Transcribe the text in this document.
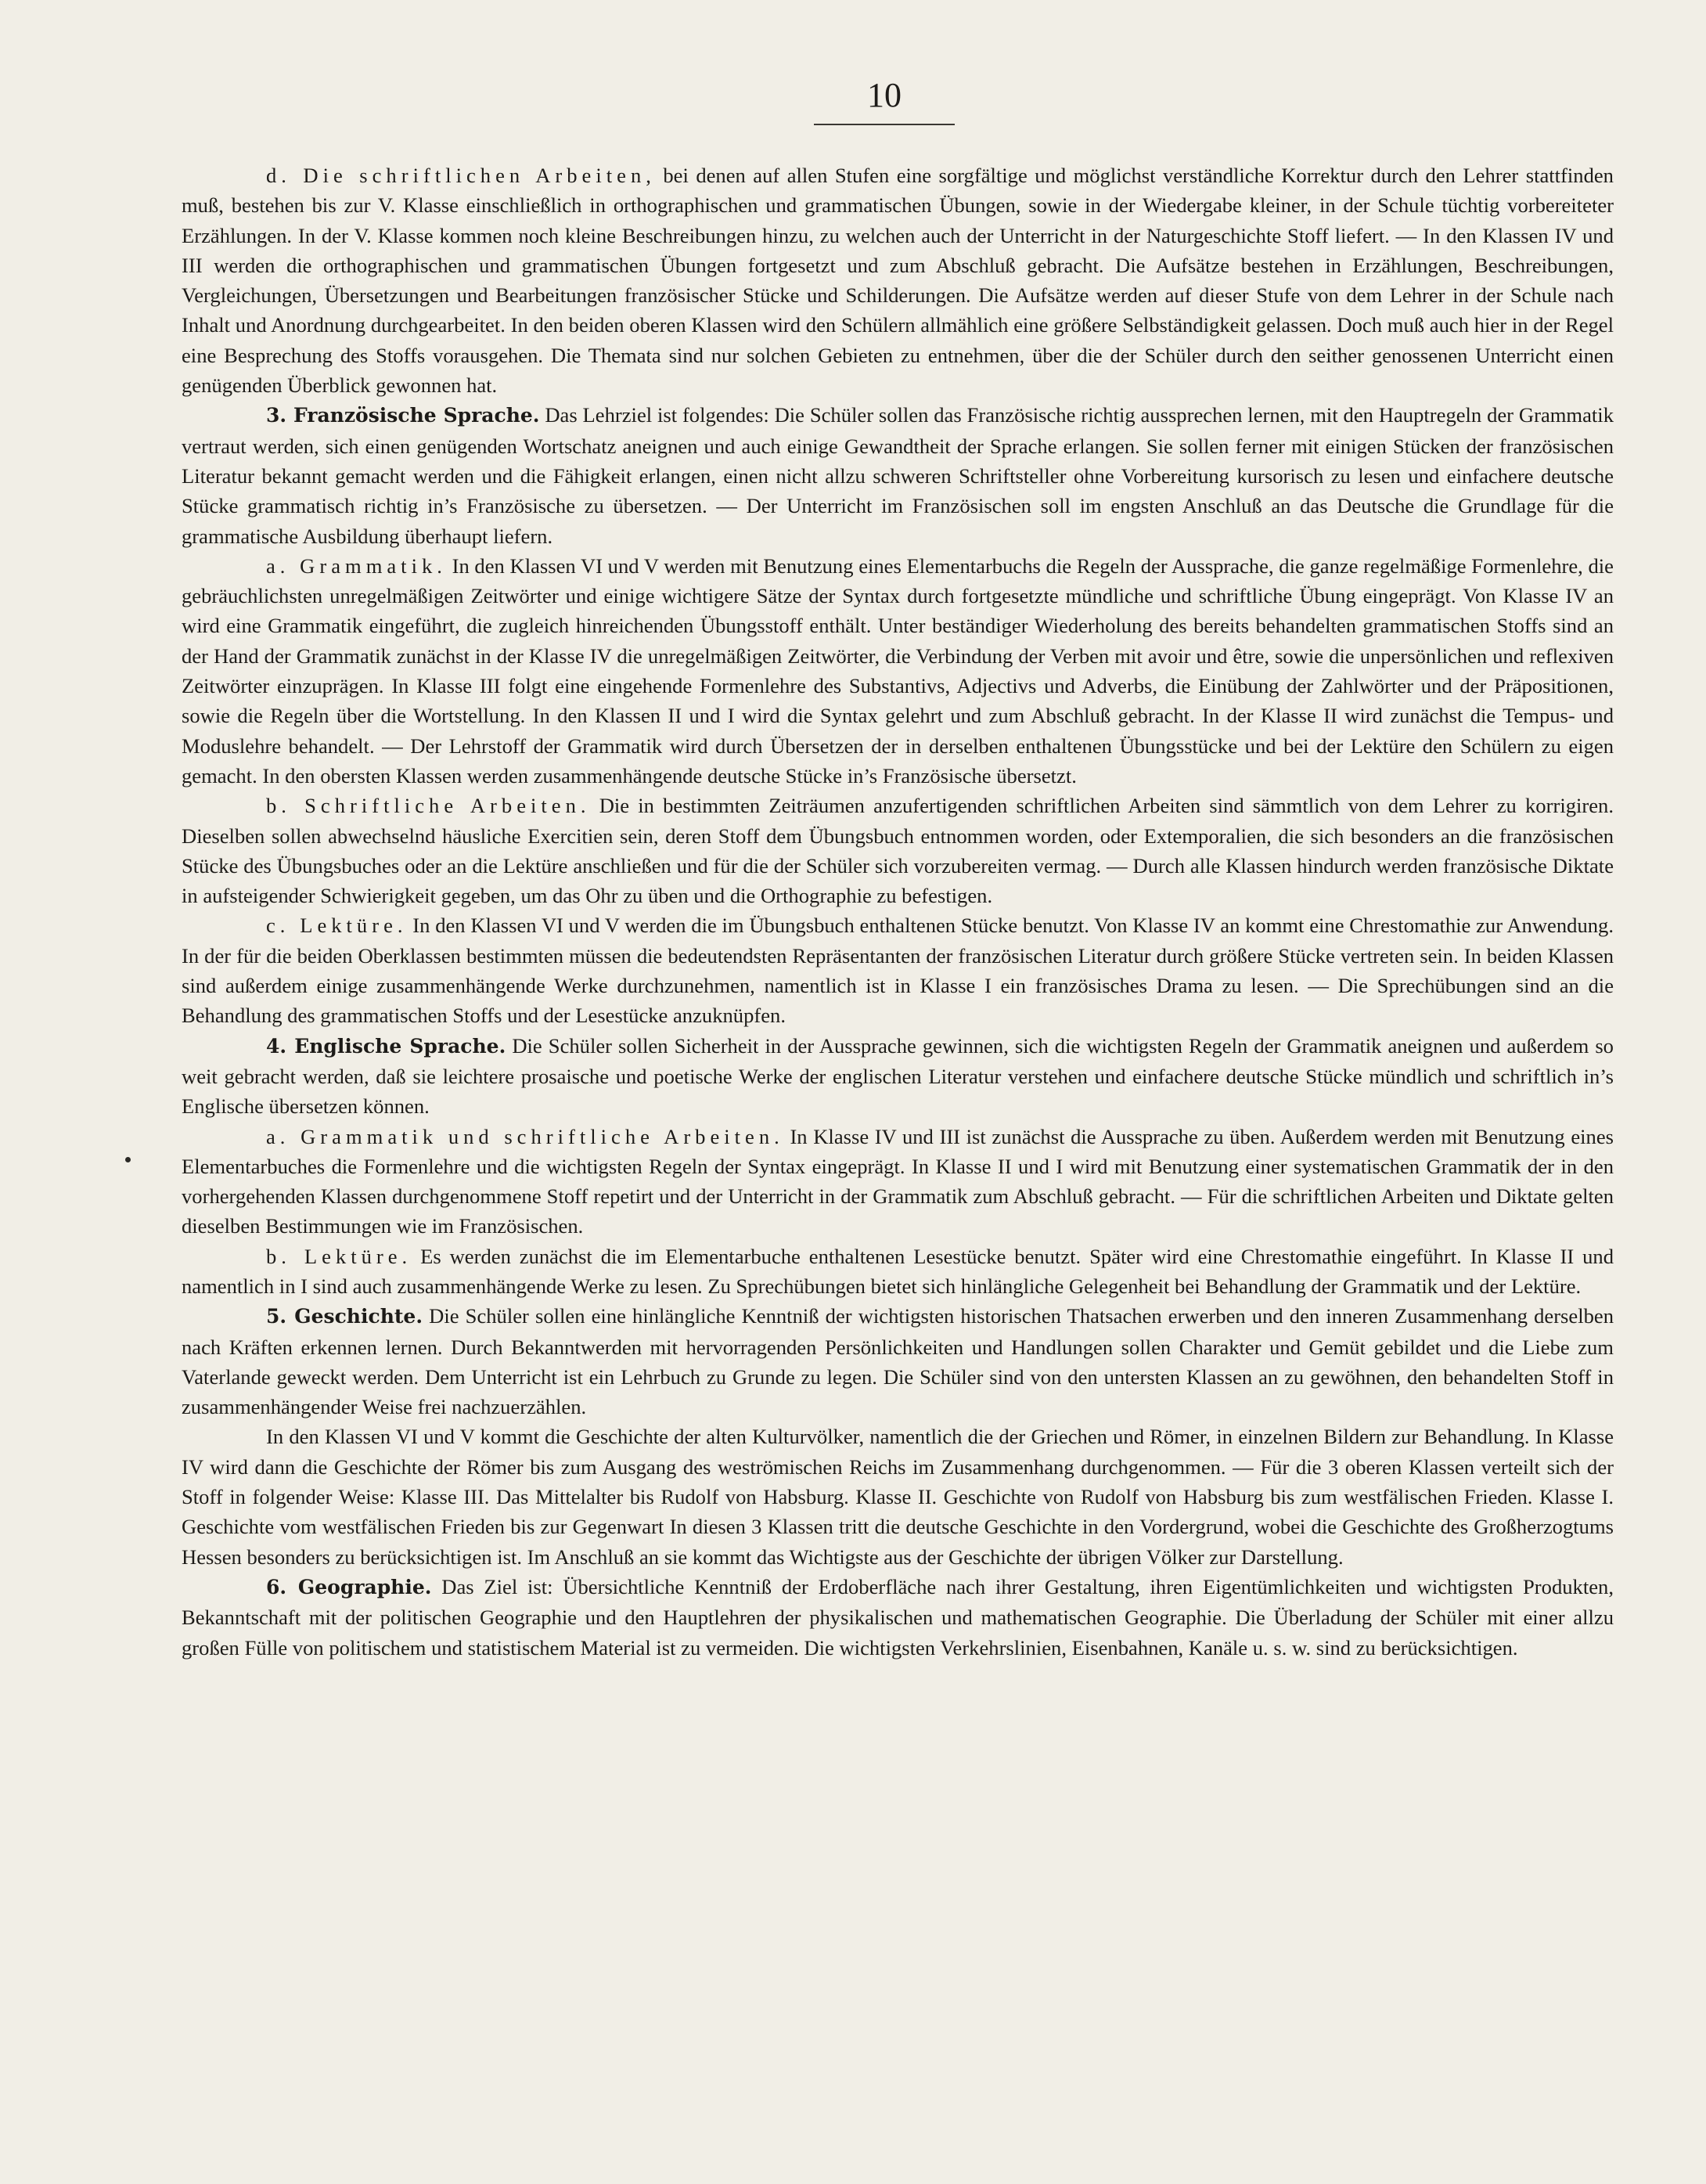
10

d. Die schriftlichen Arbeiten, bei denen auf allen Stufen eine sorgfältige und möglichst verständliche Korrektur durch den Lehrer stattfinden muß, bestehen bis zur V. Klasse einschließlich in orthographischen und grammatischen Übungen, sowie in der Wiedergabe kleiner, in der Schule tüchtig vorbereiteter Erzählungen. In der V. Klasse kommen noch kleine Beschreibungen hinzu, zu welchen auch der Unterricht in der Naturgeschichte Stoff liefert. — In den Klassen IV und III werden die orthographischen und grammatischen Übungen fortgesetzt und zum Abschluß gebracht. Die Aufsätze bestehen in Erzählungen, Beschreibungen, Vergleichungen, Übersetzungen und Bearbeitungen französischer Stücke und Schilderungen. Die Aufsätze werden auf dieser Stufe von dem Lehrer in der Schule nach Inhalt und Anordnung durchgearbeitet. In den beiden oberen Klassen wird den Schülern allmählich eine größere Selbständigkeit gelassen. Doch muß auch hier in der Regel eine Besprechung des Stoffs vorausgehen. Die Themata sind nur solchen Gebieten zu entnehmen, über die der Schüler durch den seither genossenen Unterricht einen genügenden Überblick gewonnen hat.

3. Französische Sprache. Das Lehrziel ist folgendes: Die Schüler sollen das Französische richtig aussprechen lernen, mit den Hauptregeln der Grammatik vertraut werden, sich einen genügenden Wortschatz aneignen und auch einige Gewandtheit der Sprache erlangen. Sie sollen ferner mit einigen Stücken der französischen Literatur bekannt gemacht werden und die Fähigkeit erlangen, einen nicht allzu schweren Schriftsteller ohne Vorbereitung kursorisch zu lesen und einfachere deutsche Stücke grammatisch richtig in’s Französische zu übersetzen. — Der Unterricht im Französischen soll im engsten Anschluß an das Deutsche die Grundlage für die grammatische Ausbildung überhaupt liefern.

a. Grammatik. In den Klassen VI und V werden mit Benutzung eines Elementarbuchs die Regeln der Aussprache, die ganze regelmäßige Formenlehre, die gebräuchlichsten unregelmäßigen Zeitwörter und einige wichtigere Sätze der Syntax durch fortgesetzte mündliche und schriftliche Übung eingeprägt. Von Klasse IV an wird eine Grammatik eingeführt, die zugleich hinreichenden Übungsstoff enthält. Unter beständiger Wiederholung des bereits behandelten grammatischen Stoffs sind an der Hand der Grammatik zunächst in der Klasse IV die unregelmäßigen Zeitwörter, die Verbindung der Verben mit avoir und être, sowie die unpersönlichen und reflexiven Zeitwörter einzuprägen. In Klasse III folgt eine eingehende Formenlehre des Substantivs, Adjectivs und Adverbs, die Einübung der Zahlwörter und der Präpositionen, sowie die Regeln über die Wortstellung. In den Klassen II und I wird die Syntax gelehrt und zum Abschluß gebracht. In der Klasse II wird zunächst die Tempus- und Moduslehre behandelt. — Der Lehrstoff der Grammatik wird durch Übersetzen der in derselben enthaltenen Übungsstücke und bei der Lektüre den Schülern zu eigen gemacht. In den obersten Klassen werden zusammenhängende deutsche Stücke in’s Französische übersetzt.

b. Schriftliche Arbeiten. Die in bestimmten Zeiträumen anzufertigenden schriftlichen Arbeiten sind sämmtlich von dem Lehrer zu korrigiren. Dieselben sollen abwechselnd häusliche Exercitien sein, deren Stoff dem Übungsbuch entnommen worden, oder Extemporalien, die sich besonders an die französischen Stücke des Übungsbuches oder an die Lektüre anschließen und für die der Schüler sich vorzubereiten vermag. — Durch alle Klassen hindurch werden französische Diktate in aufsteigender Schwierigkeit gegeben, um das Ohr zu üben und die Orthographie zu befestigen.

c. Lektüre. In den Klassen VI und V werden die im Übungsbuch enthaltenen Stücke benutzt. Von Klasse IV an kommt eine Chrestomathie zur Anwendung. In der für die beiden Oberklassen bestimmten müssen die bedeutendsten Repräsentanten der französischen Literatur durch größere Stücke vertreten sein. In beiden Klassen sind außerdem einige zusammenhängende Werke durchzunehmen, namentlich ist in Klasse I ein französisches Drama zu lesen. — Die Sprechübungen sind an die Behandlung des grammatischen Stoffs und der Lesestücke anzuknüpfen.

4. Englische Sprache. Die Schüler sollen Sicherheit in der Aussprache gewinnen, sich die wichtigsten Regeln der Grammatik aneignen und außerdem so weit gebracht werden, daß sie leichtere prosaische und poetische Werke der englischen Literatur verstehen und einfachere deutsche Stücke mündlich und schriftlich in’s Englische übersetzen können.

a. Grammatik und schriftliche Arbeiten. In Klasse IV und III ist zunächst die Aussprache zu üben. Außerdem werden mit Benutzung eines Elementarbuches die Formenlehre und die wichtigsten Regeln der Syntax eingeprägt. In Klasse II und I wird mit Benutzung einer systematischen Grammatik der in den vorhergehenden Klassen durchgenommene Stoff repetirt und der Unterricht in der Grammatik zum Abschluß gebracht. — Für die schriftlichen Arbeiten und Diktate gelten dieselben Bestimmungen wie im Französischen.

b. Lektüre. Es werden zunächst die im Elementarbuche enthaltenen Lesestücke benutzt. Später wird eine Chrestomathie eingeführt. In Klasse II und namentlich in I sind auch zusammenhängende Werke zu lesen. Zu Sprechübungen bietet sich hinlängliche Gelegenheit bei Behandlung der Grammatik und der Lektüre.

5. Geschichte. Die Schüler sollen eine hinlängliche Kenntniß der wichtigsten historischen Thatsachen erwerben und den inneren Zusammenhang derselben nach Kräften erkennen lernen. Durch Bekanntwerden mit hervorragenden Persönlichkeiten und Handlungen sollen Charakter und Gemüt gebildet und die Liebe zum Vaterlande geweckt werden. Dem Unterricht ist ein Lehrbuch zu Grunde zu legen. Die Schüler sind von den untersten Klassen an zu gewöhnen, den behandelten Stoff in zusammenhängender Weise frei nachzuerzählen.

In den Klassen VI und V kommt die Geschichte der alten Kulturvölker, namentlich die der Griechen und Römer, in einzelnen Bildern zur Behandlung. In Klasse IV wird dann die Geschichte der Römer bis zum Ausgang des weströmischen Reichs im Zusammenhang durchgenommen. — Für die 3 oberen Klassen verteilt sich der Stoff in folgender Weise: Klasse III. Das Mittelalter bis Rudolf von Habsburg. Klasse II. Geschichte von Rudolf von Habsburg bis zum westfälischen Frieden. Klasse I. Geschichte vom westfälischen Frieden bis zur Gegenwart In diesen 3 Klassen tritt die deutsche Geschichte in den Vordergrund, wobei die Geschichte des Großherzogtums Hessen besonders zu berücksichtigen ist. Im Anschluß an sie kommt das Wichtigste aus der Geschichte der übrigen Völker zur Darstellung.

6. Geographie. Das Ziel ist: Übersichtliche Kenntniß der Erdoberfläche nach ihrer Gestaltung, ihren Eigentümlichkeiten und wichtigsten Produkten, Bekanntschaft mit der politischen Geographie und den Hauptlehren der physikalischen und mathematischen Geographie. Die Überladung der Schüler mit einer allzu großen Fülle von politischem und statistischem Material ist zu vermeiden. Die wichtigsten Verkehrslinien, Eisenbahnen, Kanäle u. s. w. sind zu berücksichtigen.
